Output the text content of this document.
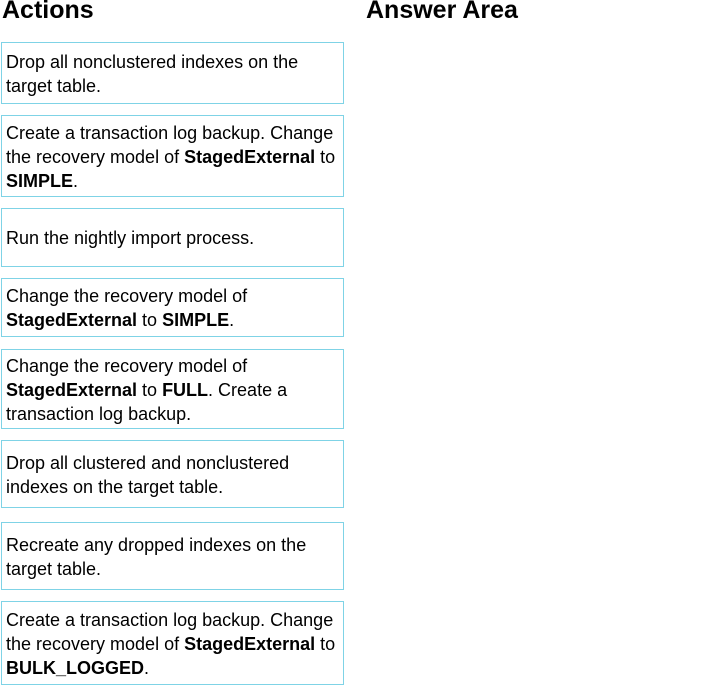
Actions	Answer Area
Drop all nonclustered indexes on the target table.
Create a transaction log backup. Change the recovery model of StagedExternal to SIMPLE.
Run the nightly import process.
Change the recovery model of StagedExternal to SIMPLE.
Change the recovery model of StagedExternal to FULL. Create a transaction log backup.
Drop all clustered and nonclustered indexes on the target table.
Recreate any dropped indexes on the target table.
Create a transaction log backup. Change the recovery model of StagedExternal to BULK_LOGGED.
